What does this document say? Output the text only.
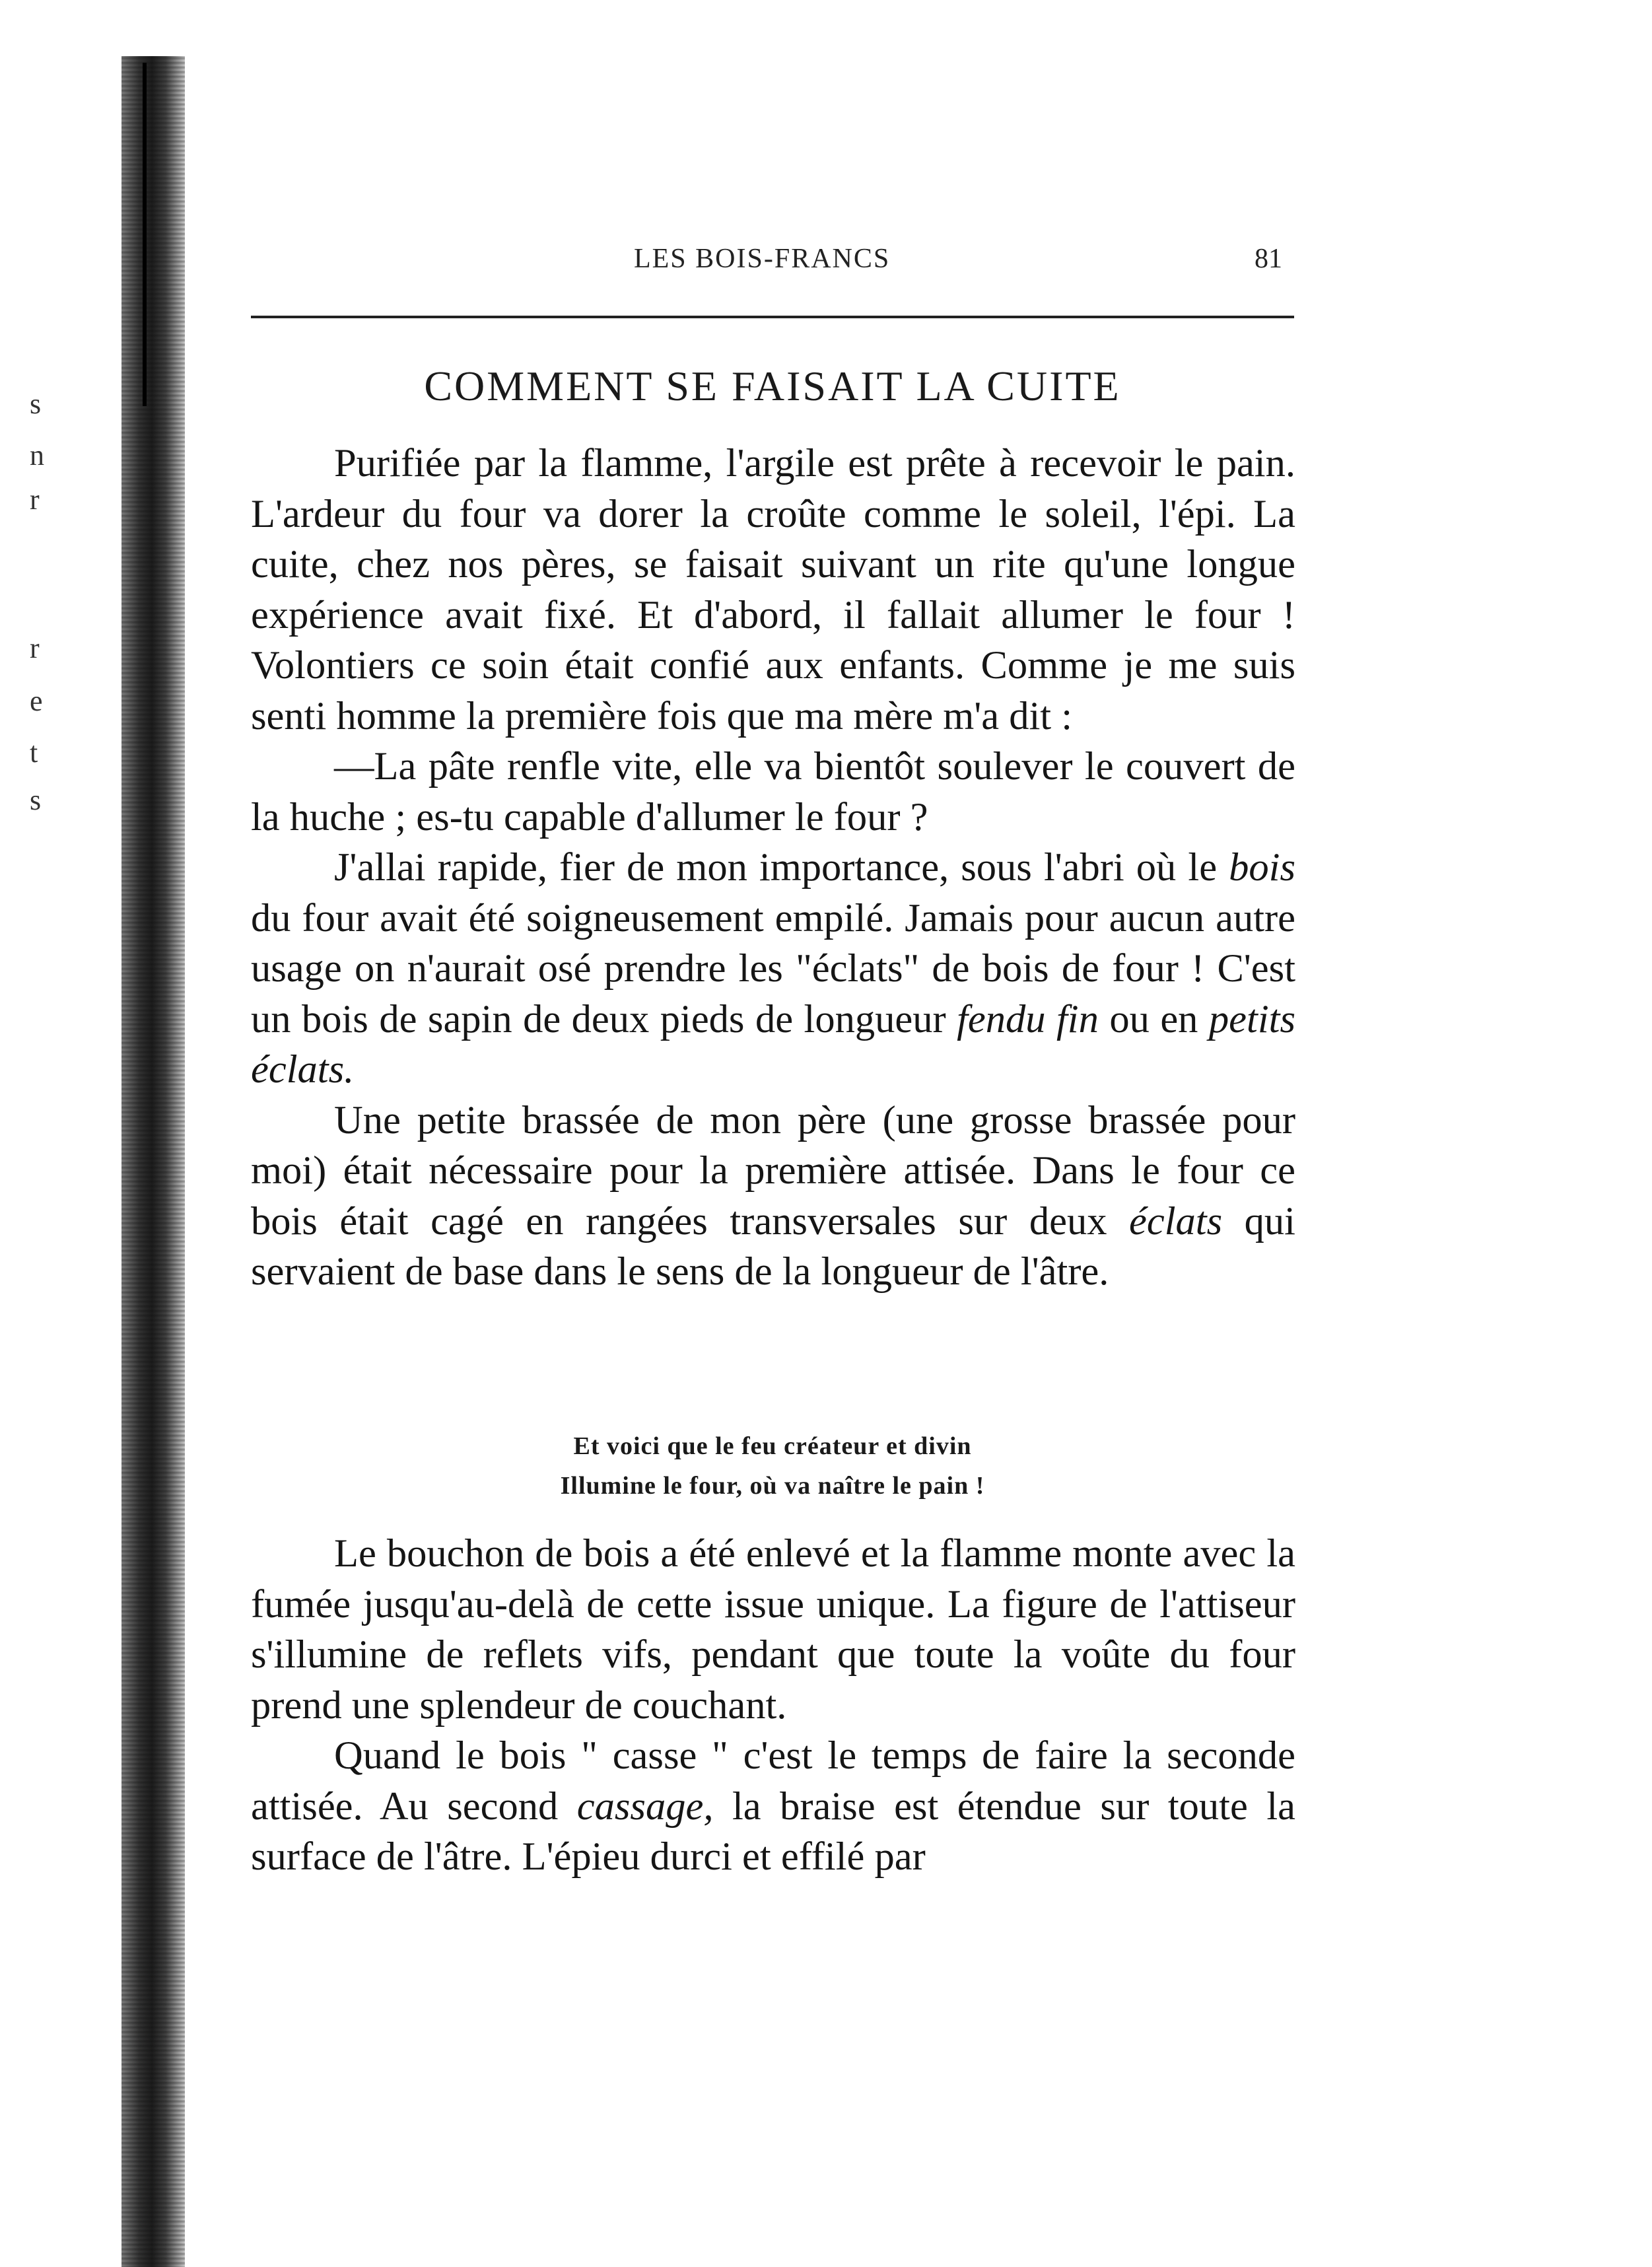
s
n
r
r
e
t
s
LES BOIS-FRANCS	81
COMMENT SE FAISAIT LA CUITE

Purifiée par la flamme, l'argile est prête à recevoir le pain. L'ardeur du four va dorer la croûte comme le soleil, l'épi. La cuite, chez nos pères, se faisait suivant un rite qu'une longue expérience avait fixé. Et d'abord, il fallait allumer le four ! Volontiers ce soin était confié aux enfants. Comme je me suis senti homme la première fois que ma mère m'a dit :

—La pâte renfle vite, elle va bientôt soulever le couvert de la huche ; es-tu capable d'allumer le four ?

J'allai rapide, fier de mon importance, sous l'abri où le bois du four avait été soigneusement empilé. Jamais pour aucun autre usage on n'aurait osé prendre les "éclats" de bois de four ! C'est un bois de sapin de deux pieds de longueur fendu fin ou en petits éclats.

Une petite brassée de mon père (une grosse brassée pour moi) était nécessaire pour la première attisée. Dans le four ce bois était cagé en rangées transversales sur deux éclats qui servaient de base dans le sens de la longueur de l'âtre.

Et voici que le feu créateur et divin
Illumine le four, où va naître le pain !

Le bouchon de bois a été enlevé et la flamme monte avec la fumée jusqu'au-delà de cette issue unique. La figure de l'attiseur s'illumine de reflets vifs, pendant que toute la voûte du four prend une splendeur de couchant.

Quand le bois " casse " c'est le temps de faire la seconde attisée. Au second cassage, la braise est étendue sur toute la surface de l'âtre. L'épieu durci et effilé par
